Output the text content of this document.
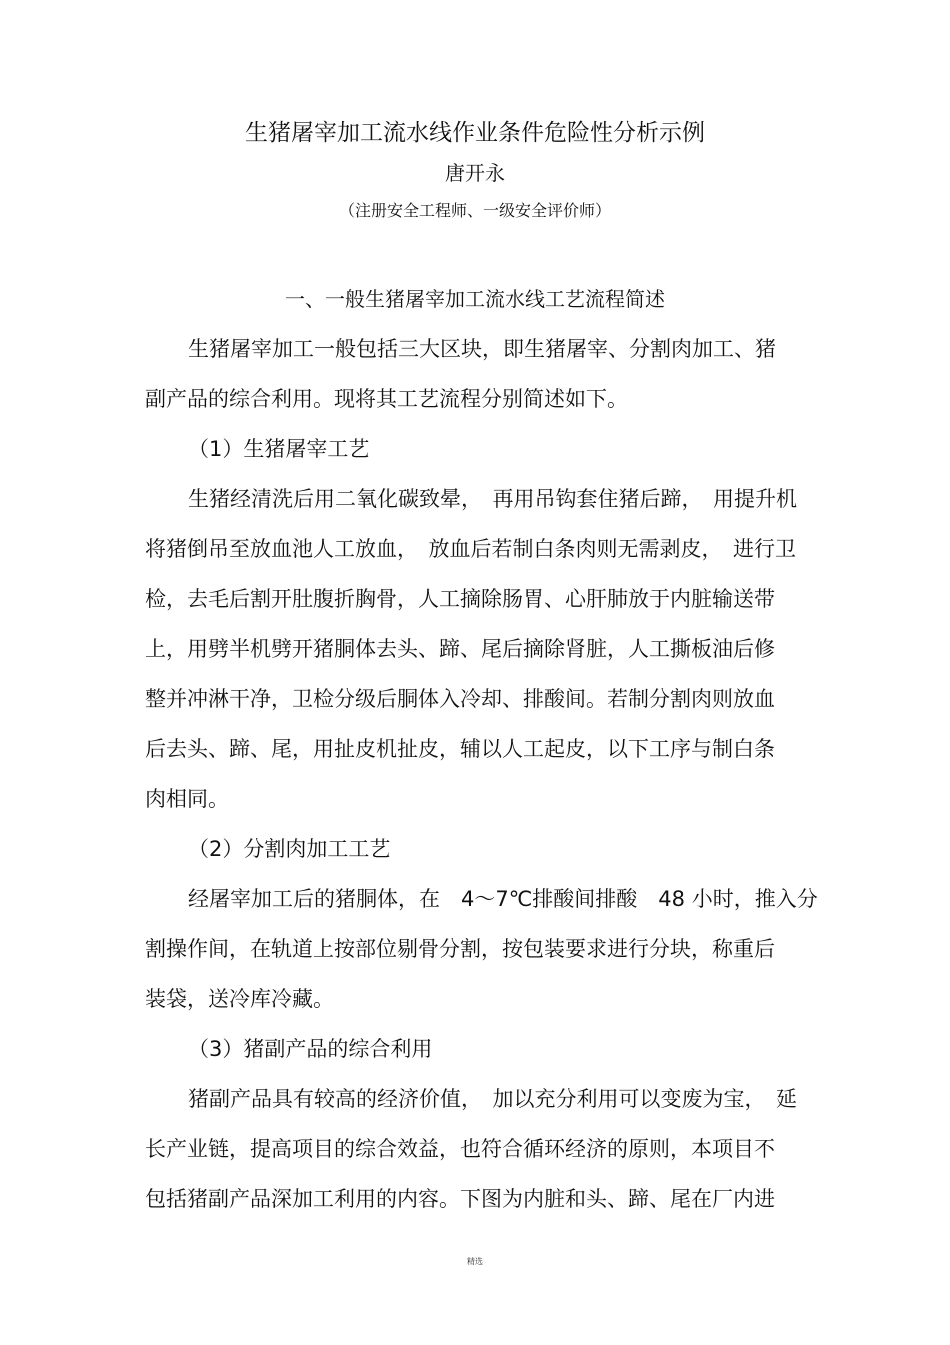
生猪屠宰加工流水线作业条件危险性分析示例
唐开永
（注册安全工程师、一级安全评价师）
一、一般生猪屠宰加工流水线工艺流程简述
生猪屠宰加工一般包括三大区块，即生猪屠宰、分割肉加工、猪
副产品的综合利用。现将其工艺流程分别简述如下。
（1）生猪屠宰工艺
生猪经清洗后用二氧化碳致晕，　再用吊钩套住猪后蹄，　用提升机
将猪倒吊至放血池人工放血，　放血后若制白条肉则无需剥皮，　进行卫
检，去毛后割开肚腹折胸骨，人工摘除肠胃、心肝肺放于内脏输送带
上，用劈半机劈开猪胴体去头、蹄、尾后摘除肾脏，人工撕板油后修
整并冲淋干净，卫检分级后胴体入冷却、排酸间。若制分割肉则放血
后去头、蹄、尾，用扯皮机扯皮，辅以人工起皮，以下工序与制白条
肉相同。
（2）分割肉加工工艺
经屠宰加工后的猪胴体，在　4～7℃排酸间排酸　48 小时，推入分
割操作间，在轨道上按部位剔骨分割，按包装要求进行分块，称重后
装袋，送冷库冷藏。
（3）猪副产品的综合利用
猪副产品具有较高的经济价值，　加以充分利用可以变废为宝，　延
长产业链，提高项目的综合效益，也符合循环经济的原则，本项目不
包括猪副产品深加工利用的内容。下图为内脏和头、蹄、尾在厂内进
精选
